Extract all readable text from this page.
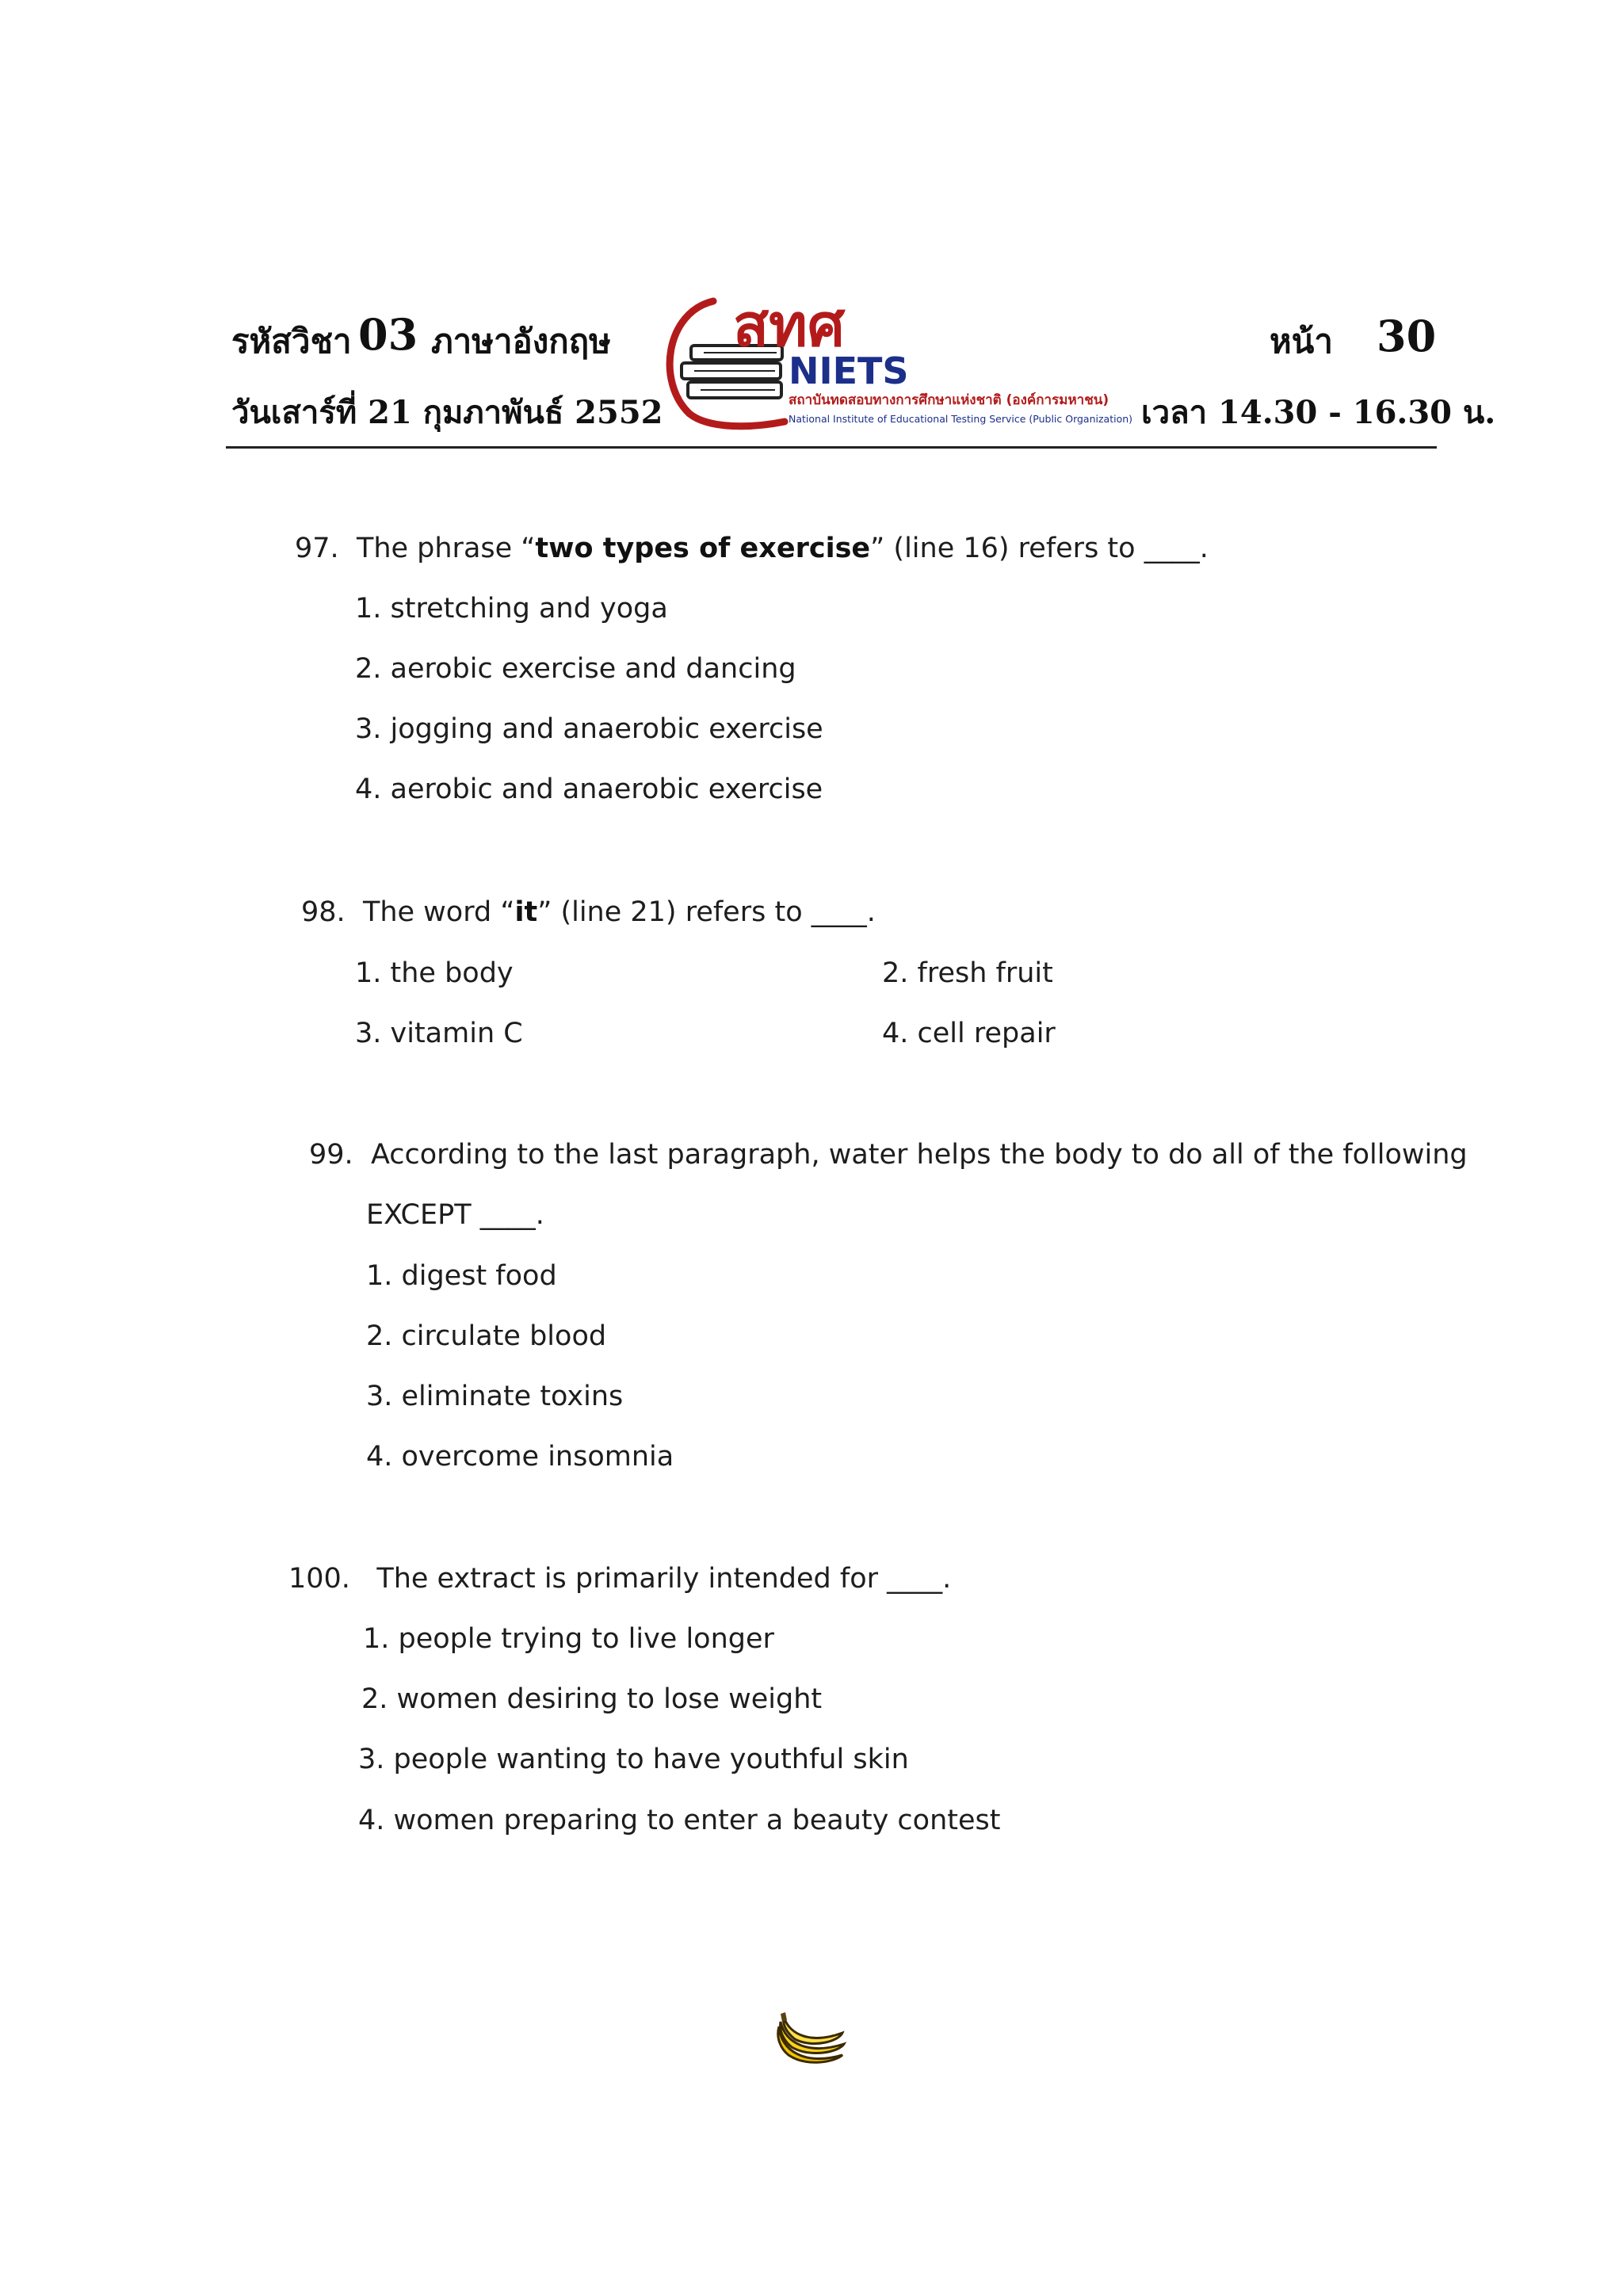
รหัสวิชา 03 ภาษาอังกฤษ
วันเสาร์ที่ 21 กุมภาพันธ์ 2552
หน้า 30
เวลา 14.30 - 16.30 น.
สทศ
NIETS
สถาบันทดสอบทางการศึกษาแห่งชาติ (องค์การมหาชน)
National Institute of Educational Testing Service (Public Organization)
97. The phrase “two types of exercise” (line 16) refers to ____.
1. stretching and yoga
2. aerobic exercise and dancing
3. jogging and anaerobic exercise
4. aerobic and anaerobic exercise
98. The word “it” (line 21) refers to ____.
1. the body	2. fresh fruit
3. vitamin C	4. cell repair
99. According to the last paragraph, water helps the body to do all of the following
EXCEPT ____.
1. digest food
2. circulate blood
3. eliminate toxins
4. overcome insomnia
100. The extract is primarily intended for ____.
1. people trying to live longer
2. women desiring to lose weight
3. people wanting to have youthful skin
4. women preparing to enter a beauty contest
